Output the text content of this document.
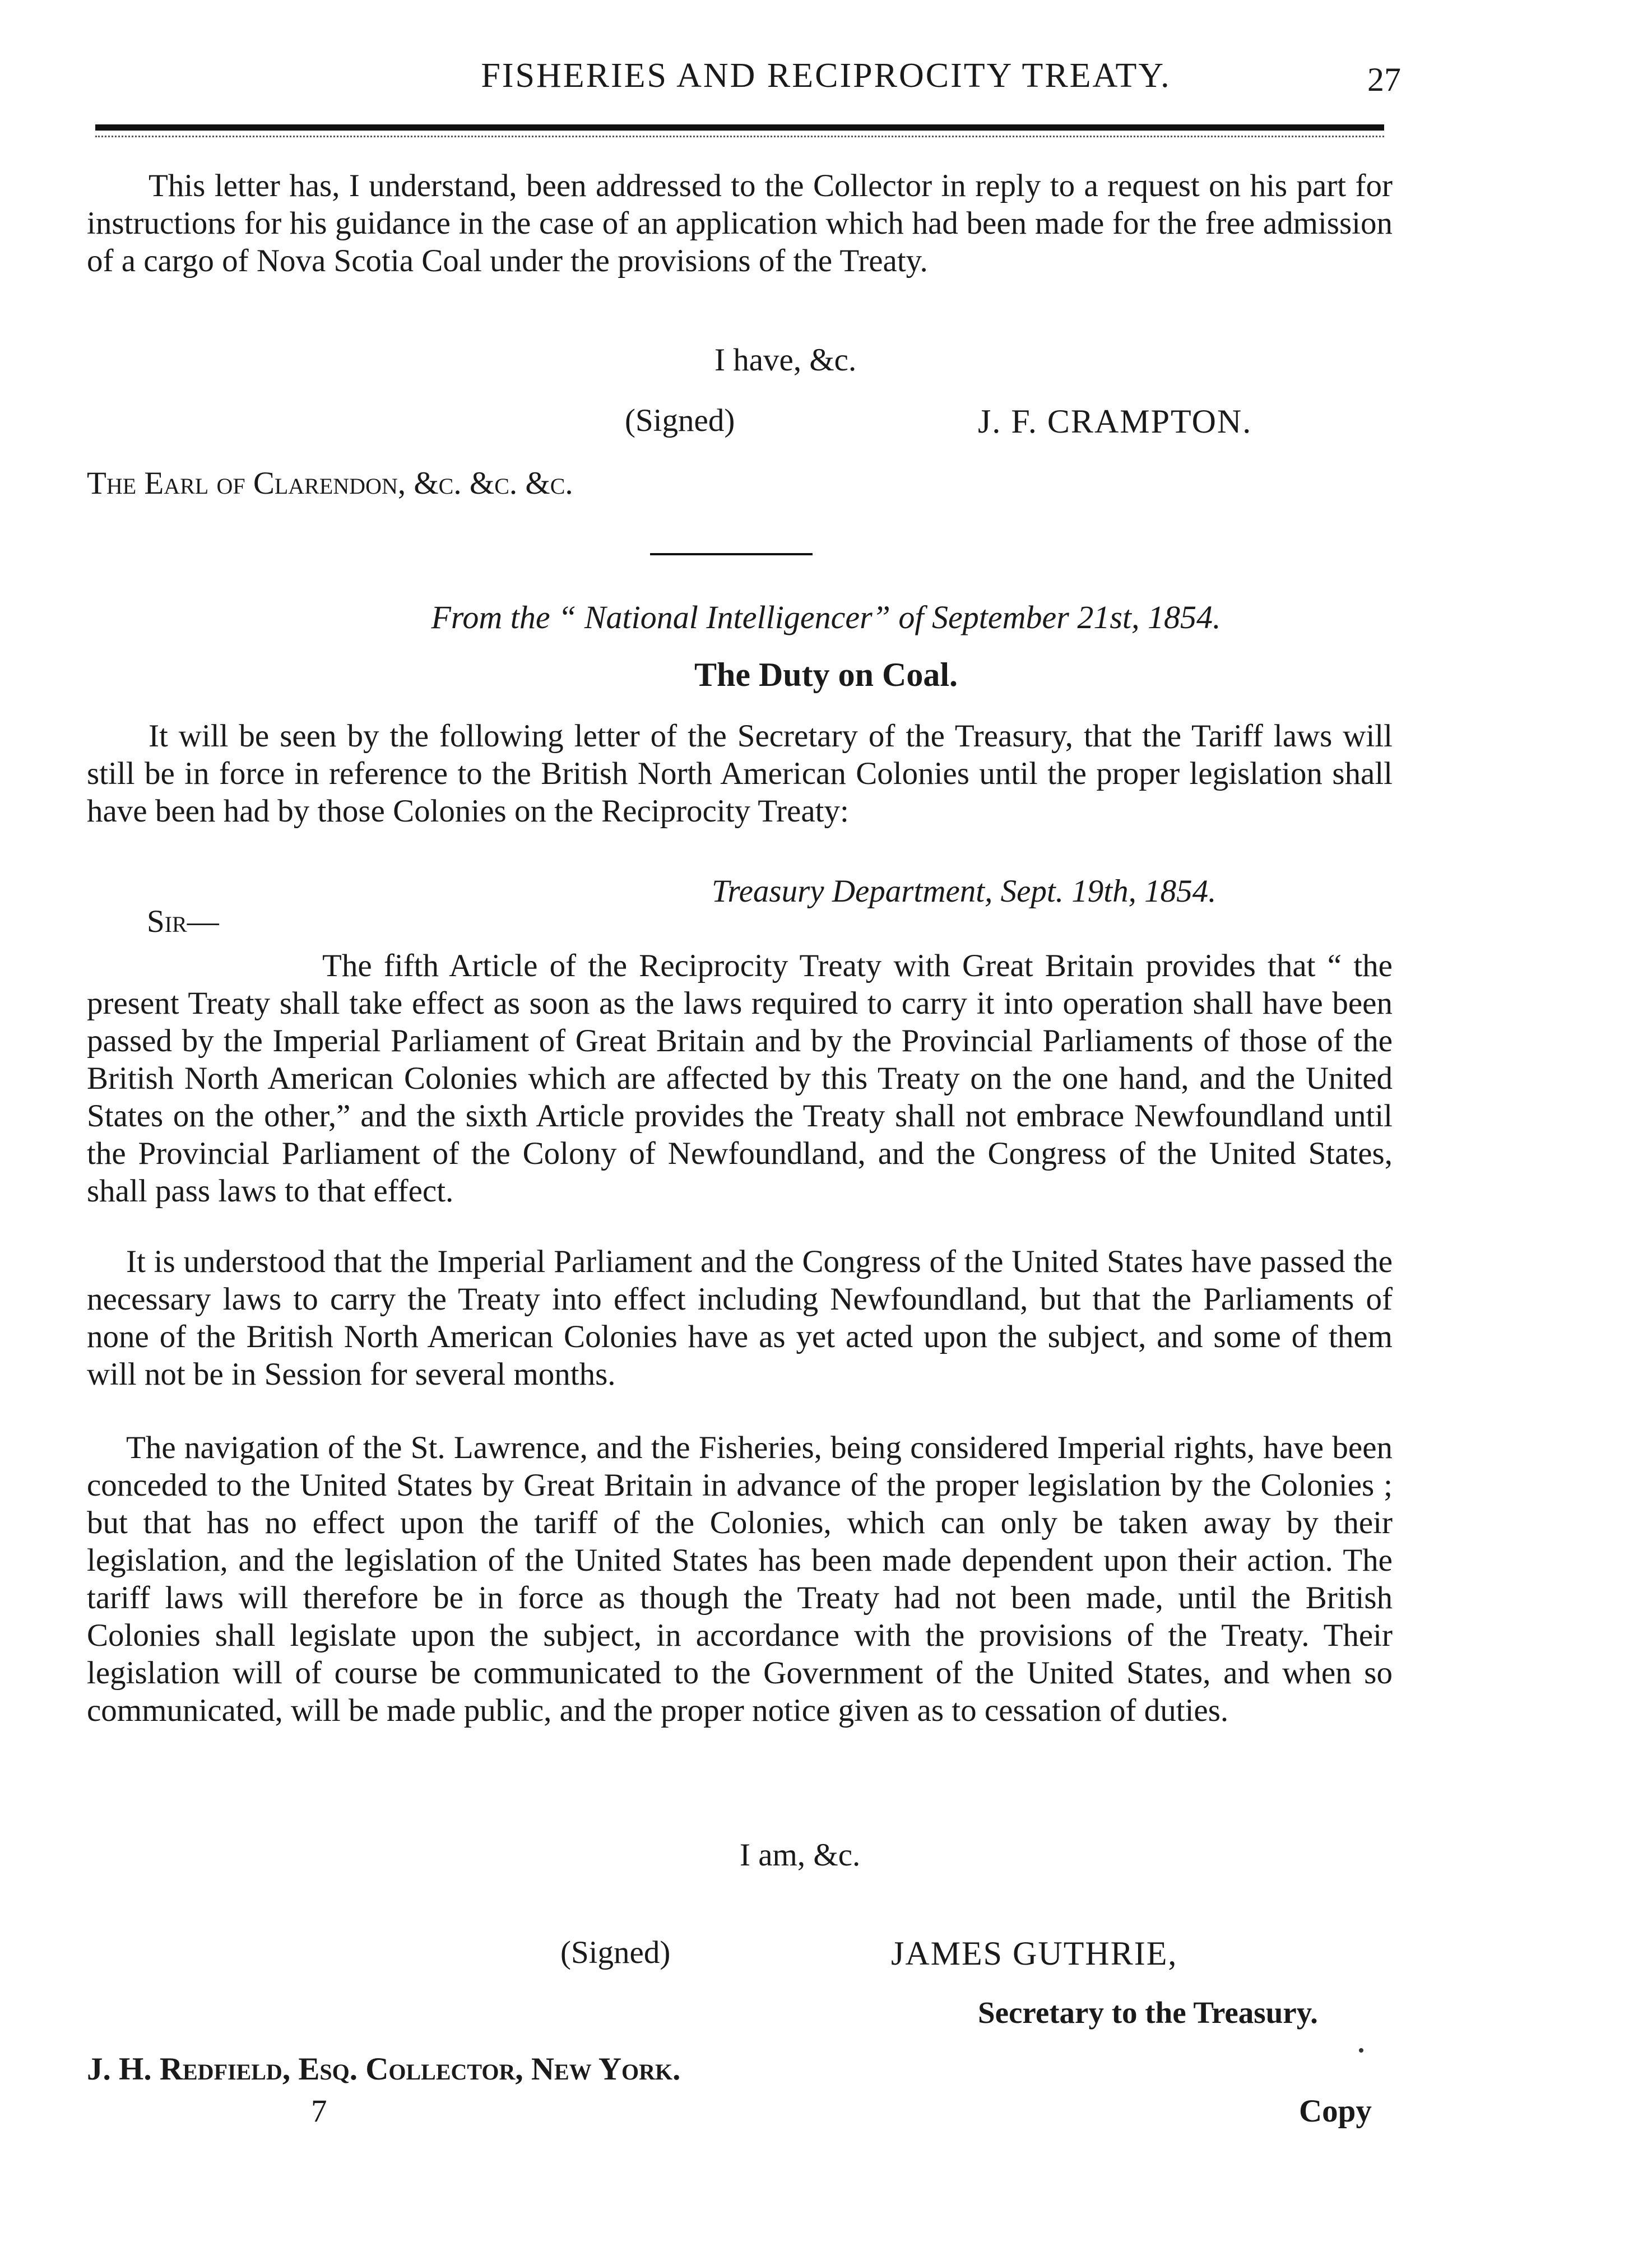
FISHERIES AND RECIPROCITY TREATY.	27
This letter has, I understand, been addressed to the Collector in reply to a request on his part for instructions for his guidance in the case of an application which had been made for the free admission of a cargo of Nova Scotia Coal under the provisions of the Treaty.
I have, &c.
(Signed)	J. F. CRAMPTON.
The Earl of Clarendon, &c. &c. &c.
From the “ National Intelligencer” of September 21st, 1854.
The Duty on Coal.
It will be seen by the following letter of the Secretary of the Treasury, that the Tariff laws will still be in force in reference to the British North American Colonies until the proper legislation shall have been had by those Colonies on the Reciprocity Treaty:
Treasury Department, Sept. 19th, 1854.
Sir—
The fifth Article of the Reciprocity Treaty with Great Britain provides that “ the present Treaty shall take effect as soon as the laws required to carry it into operation shall have been passed by the Imperial Parliament of Great Britain and by the Provincial Parliaments of those of the British North American Colonies which are affected by this Treaty on the one hand, and the United States on the other,” and the sixth Article provides the Treaty shall not embrace Newfoundland until the Provincial Parliament of the Colony of Newfoundland, and the Congress of the United States, shall pass laws to that effect.
It is understood that the Imperial Parliament and the Congress of the United States have passed the necessary laws to carry the Treaty into effect including Newfoundland, but that the Parliaments of none of the British North American Colonies have as yet acted upon the subject, and some of them will not be in Session for several months.
The navigation of the St. Lawrence, and the Fisheries, being considered Imperial rights, have been conceded to the United States by Great Britain in advance of the proper legislation by the Colonies ; but that has no effect upon the tariff of the Colonies, which can only be taken away by their legislation, and the legislation of the United States has been made dependent upon their action. The tariff laws will therefore be in force as though the Treaty had not been made, until the British Colonies shall legislate upon the subject, in accordance with the provisions of the Treaty. Their legislation will of course be communicated to the Government of the United States, and when so communicated, will be made public, and the proper notice given as to cessation of duties.
I am, &c.
(Signed)	JAMES GUTHRIE,
Secretary to the Treasury.
J. H. Redfield, Esq. Collector, New York.
7	Copy
